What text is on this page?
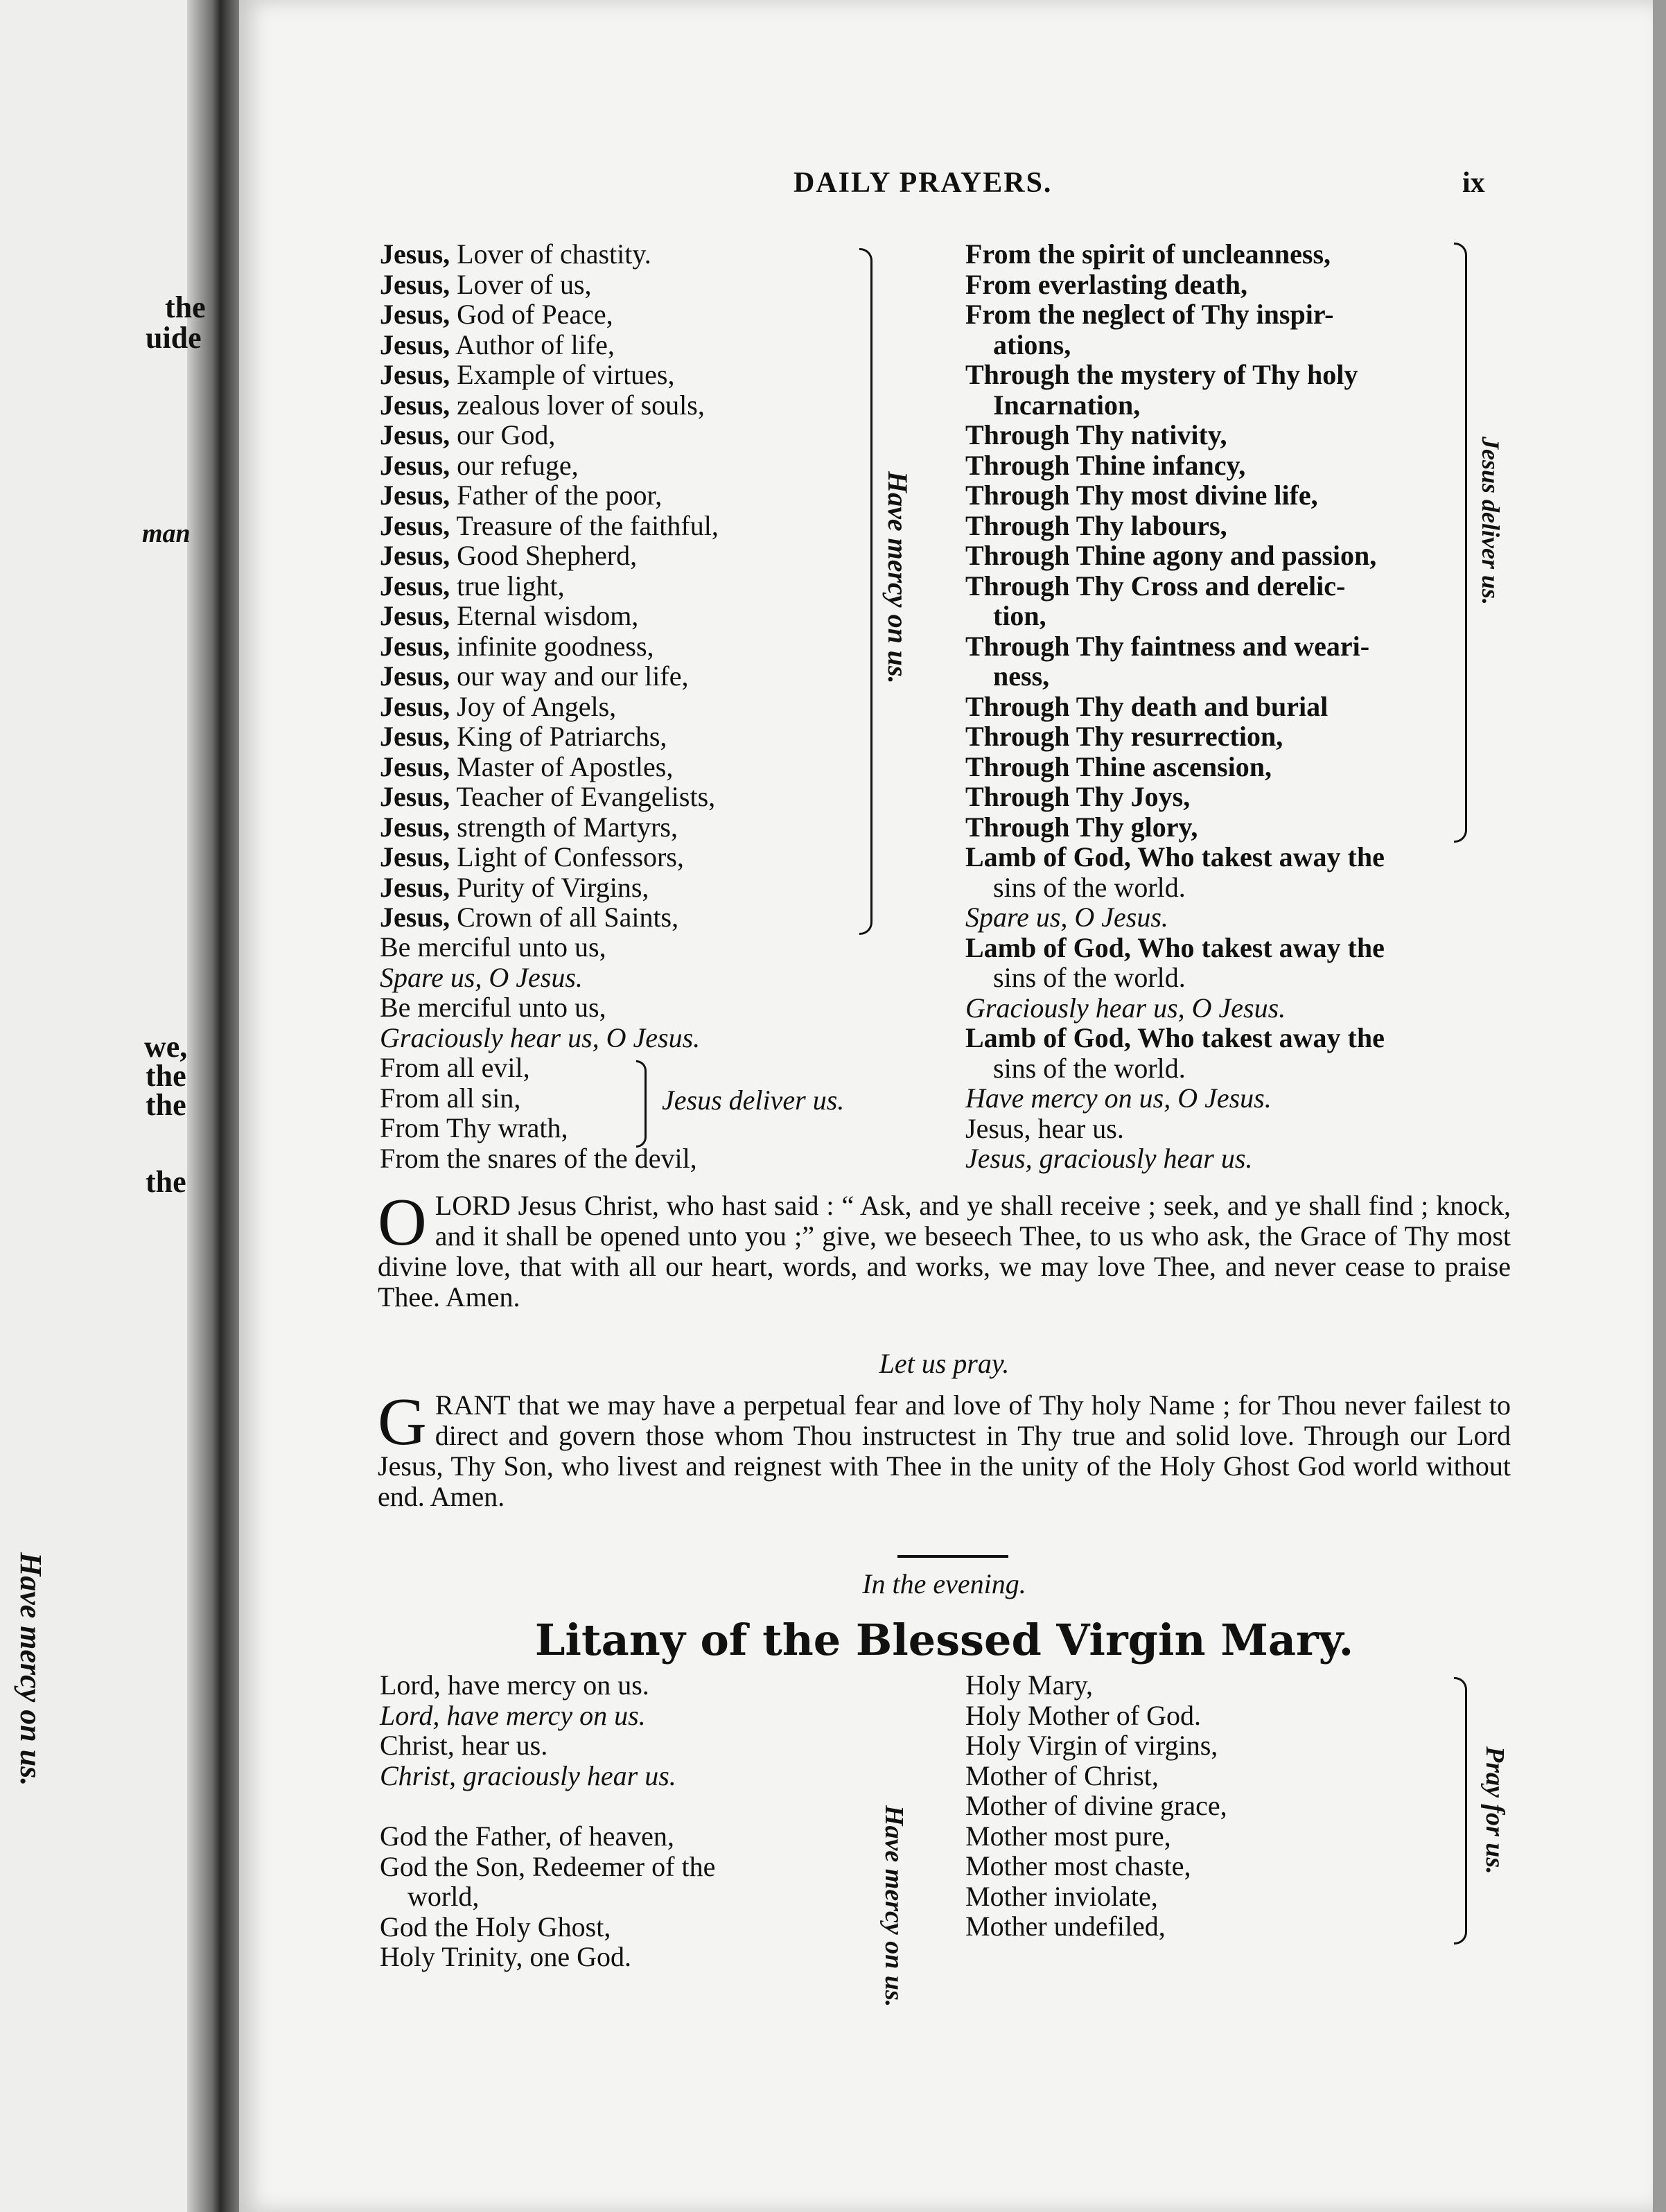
the
uide
man
we,
the
the
the
Have mercy on us.
DAILY PRAYERS.	ix
Jesus, Lover of chastity.
Jesus, Lover of us,
Jesus, God of Peace,
Jesus, Author of life,
Jesus, Example of virtues,
Jesus, zealous lover of souls,
Jesus, our God,
Jesus, our refuge,
Jesus, Father of the poor,
Jesus, Treasure of the faithful,
Jesus, Good Shepherd,
Jesus, true light,
Jesus, Eternal wisdom,
Jesus, infinite goodness,
Jesus, our way and our life,
Jesus, Joy of Angels,
Jesus, King of Patriarchs,
Jesus, Master of Apostles,
Jesus, Teacher of Evangelists,
Jesus, strength of Martyrs,
Jesus, Light of Confessors,
Jesus, Purity of Virgins,
Jesus, Crown of all Saints,
Have mercy on us.
Be merciful unto us,
Spare us, O Jesus.
Be merciful unto us,
Graciously hear us, O Jesus.
From all evil,
From all sin,
From Thy wrath,
From the snares of the devil,
Jesus deliver us.
From the spirit of uncleanness,
From everlasting death,
From the neglect of Thy inspir-
ations,
Through the mystery of Thy holy
Incarnation,
Through Thy nativity,
Through Thine infancy,
Through Thy most divine life,
Through Thy labours,
Through Thine agony and passion,
Through Thy Cross and derelic-
tion,
Through Thy faintness and weari-
ness,
Through Thy death and burial
Through Thy resurrection,
Through Thine ascension,
Through Thy Joys,
Through Thy glory,
Jesus deliver us.
Lamb of God, Who takest away the
sins of the world.
Spare us, O Jesus.
Lamb of God, Who takest away the
sins of the world.
Graciously hear us, O Jesus.
Lamb of God, Who takest away the
sins of the world.
Have mercy on us, O Jesus.
Jesus, hear us.
Jesus, graciously hear us.
OLORD Jesus Christ, who hast said : “ Ask, and ye shall receive ; seek, and ye shall find ; knock, and it shall be opened unto you ;” give, we beseech Thee, to us who ask, the Grace of Thy most divine love, that with all our heart, words, and works, we may love Thee, and never cease to praise Thee. Amen.
Let us pray.
GRANT that we may have a perpetual fear and love of Thy holy Name ; for Thou never failest to direct and govern those whom Thou instructest in Thy true and solid love. Through our Lord Jesus, Thy Son, who livest and reignest with Thee in the unity of the Holy Ghost God world without end. Amen.
In the evening.
Litany of the Blessed Virgin Mary.
Lord, have mercy on us.
Lord, have mercy on us.
Christ, hear us.
Christ, graciously hear us.
God the Father, of heaven,
God the Son, Redeemer of the
world,
God the Holy Ghost,
Holy Trinity, one God.	Have mercy on us.
Holy Mary,
Holy Mother of God.
Holy Virgin of virgins,
Mother of Christ,
Mother of divine grace,
Mother most pure,
Mother most chaste,
Mother inviolate,
Mother undefiled,
Pray for us.
